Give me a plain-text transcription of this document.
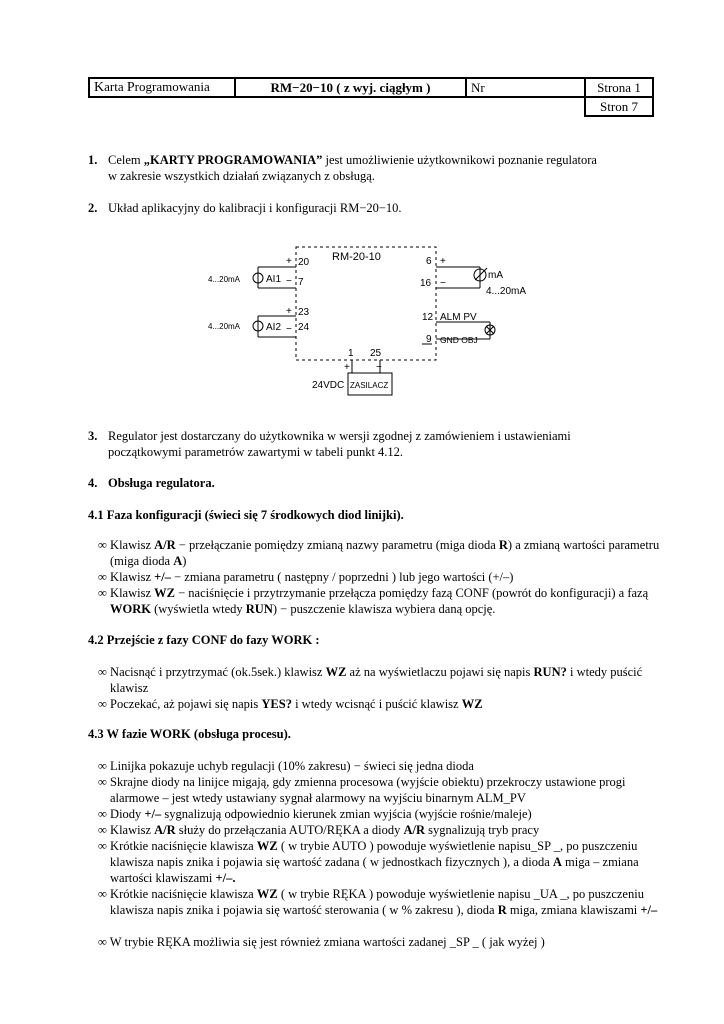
Karta Programowania	RM−20−10 ( z wyj. ciągłym )	Nr	Strona 1
			Stron 7
1. Celem „KARTY PROGRAMOWANIA” jest umożliwienie użytkownikowi poznanie regulatora
w zakresie wszystkich działań związanych z obsługą.
2. Układ aplikacyjny do kalibracji i konfiguracji RM−20−10.
RM-20-10
4...20mA	AI1
+
−
20
7
4...20mA	AI2
+
−
23
24
6 +
16 −
mA
4...20mA
12 ALM PV
9 GND OBJ
1 25
+	−
24VDC ZASILACZ
3. Regulator jest dostarczany do użytkownika w wersji zgodnej z zamówieniem i ustawieniami
początkowymi parametrów zawartymi w tabeli punkt 4.12.
4. Obsługa regulatora.
4.1 Faza konfiguracji (świeci się 7 środkowych diod linijki).
∞ Klawisz A/R − przełączanie pomiędzy zmianą nazwy parametru (miga dioda R) a zmianą wartości parametru (miga dioda A)
∞ Klawisz +/– − zmiana parametru ( następny / poprzedni ) lub jego wartości (+/–)
∞ Klawisz WZ − naciśnięcie i przytrzymanie przełącza pomiędzy fazą CONF (powrót do konfiguracji) a fazą WORK (wyświetla wtedy RUN) − puszczenie klawisza wybiera daną opcję.
4.2 Przejście z fazy CONF do fazy WORK :
∞ Nacisnąć i przytrzymać (ok.5sek.) klawisz WZ aż na wyświetlaczu pojawi się napis RUN? i wtedy puścić klawisz
∞ Poczekać, aż pojawi się napis YES? i wtedy wcisnąć i puścić klawisz WZ
4.3 W fazie WORK (obsługa procesu).
∞ Linijka pokazuje uchyb regulacji (10% zakresu) − świeci się jedna dioda
∞ Skrajne diody na linijce migają, gdy zmienna procesowa (wyjście obiektu) przekroczy ustawione progi alarmowe – jest wtedy ustawiany sygnał alarmowy na wyjściu binarnym ALM_PV
∞ Diody +/– sygnalizują odpowiednio kierunek zmian wyjścia (wyjście rośnie/maleje)
∞ Klawisz A/R służy do przełączania AUTO/RĘKA a diody A/R sygnalizują tryb pracy
∞ Krótkie naciśnięcie klawisza WZ ( w trybie AUTO ) powoduje wyświetlenie napisu_SP _, po puszczeniu klawisza napis znika i pojawia się wartość zadana ( w jednostkach fizycznych ), a dioda A miga – zmiana wartości klawiszami +/–.
∞ Krótkie naciśnięcie klawisza WZ ( w trybie RĘKA ) powoduje wyświetlenie napisu _UA _, po puszczeniu klawisza napis znika i pojawia się wartość sterowania ( w % zakresu ), dioda R miga, zmiana klawiszami +/–
∞ W trybie RĘKA możliwia się jest również zmiana wartości zadanej _SP _ ( jak wyżej )
